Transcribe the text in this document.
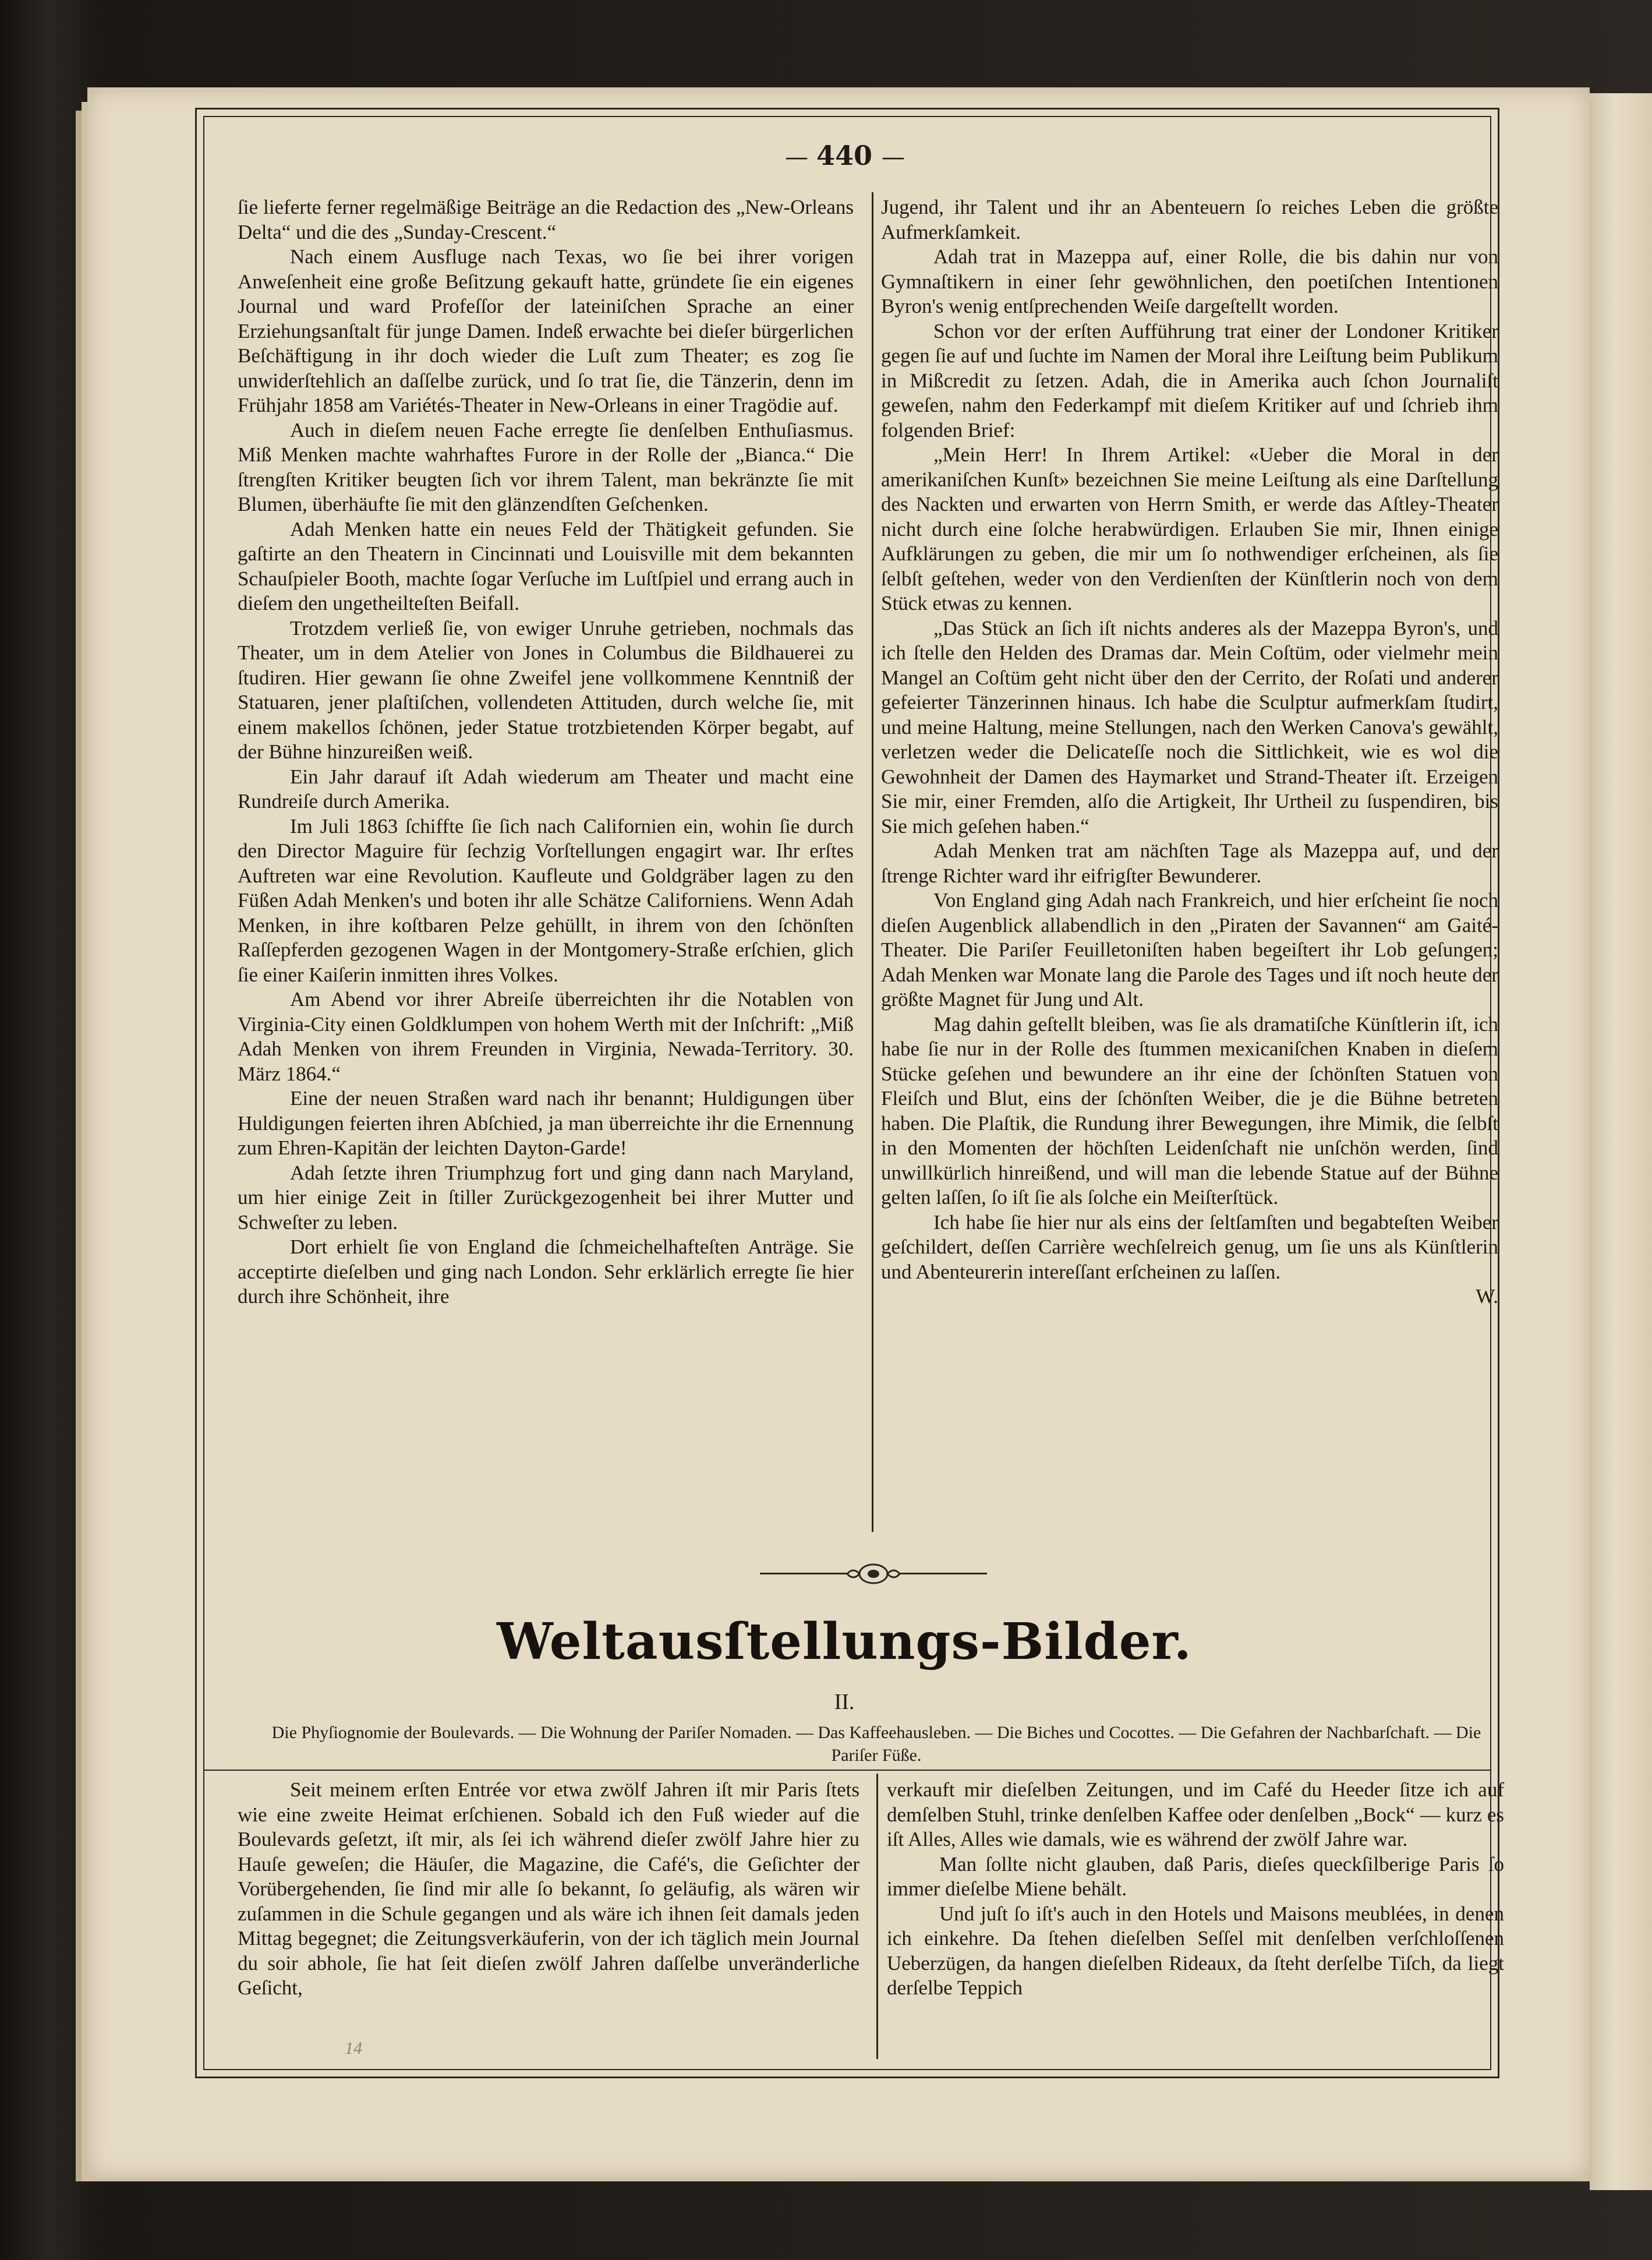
— 440 —

ſie lieferte ferner regelmäßige Beiträge an die Redaction des „New-Orleans Delta“ und die des „Sunday-Crescent.“

Nach einem Ausfluge nach Texas, wo ſie bei ihrer vorigen Anweſenheit eine große Beſitzung gekauft hatte, gründete ſie ein eigenes Journal und ward Profeſſor der lateiniſchen Sprache an einer Erziehungsanſtalt für junge Damen. Indeß erwachte bei dieſer bürgerlichen Beſchäftigung in ihr doch wieder die Luſt zum Theater; es zog ſie unwiderſtehlich an daſſelbe zurück, und ſo trat ſie, die Tänzerin, denn im Frühjahr 1858 am Variétés-Theater in New-Orleans in einer Tragödie auf.

Auch in dieſem neuen Fache erregte ſie denſelben Enthuſiasmus. Miß Menken machte wahrhaftes Furore in der Rolle der „Bianca.“ Die ſtrengſten Kritiker beugten ſich vor ihrem Talent, man bekränzte ſie mit Blumen, überhäufte ſie mit den glänzendſten Geſchenken.

Adah Menken hatte ein neues Feld der Thätigkeit gefunden. Sie gaſtirte an den Theatern in Cincinnati und Louisville mit dem bekannten Schauſpieler Booth, machte ſogar Verſuche im Luſtſpiel und errang auch in dieſem den ungetheilteſten Beifall.

Trotzdem verließ ſie, von ewiger Unruhe getrieben, nochmals das Theater, um in dem Atelier von Jones in Columbus die Bildhauerei zu ſtudiren. Hier gewann ſie ohne Zweifel jene vollkommene Kenntniß der Statuaren, jener plaſtiſchen, vollendeten Attituden, durch welche ſie, mit einem makellos ſchönen, jeder Statue trotzbietenden Körper begabt, auf der Bühne hinzureißen weiß.

Ein Jahr darauf iſt Adah wiederum am Theater und macht eine Rundreiſe durch Amerika.

Im Juli 1863 ſchiffte ſie ſich nach Californien ein, wohin ſie durch den Director Maguire für ſechzig Vorſtellungen engagirt war. Ihr erſtes Auftreten war eine Revolution. Kaufleute und Goldgräber lagen zu den Füßen Adah Menken's und boten ihr alle Schätze Californiens. Wenn Adah Menken, in ihre koſtbaren Pelze gehüllt, in ihrem von den ſchönſten Raſſepferden gezogenen Wagen in der Montgomery-Straße erſchien, glich ſie einer Kaiſerin inmitten ihres Volkes.

Am Abend vor ihrer Abreiſe überreichten ihr die Notablen von Virginia-City einen Goldklumpen von hohem Werth mit der Inſchrift: „Miß Adah Menken von ihrem Freunden in Virginia, Newada-Territory. 30. März 1864.“

Eine der neuen Straßen ward nach ihr benannt; Huldigungen über Huldigungen feierten ihren Abſchied, ja man überreichte ihr die Ernennung zum Ehren-Kapitän der leichten Dayton-Garde!

Adah ſetzte ihren Triumphzug fort und ging dann nach Maryland, um hier einige Zeit in ſtiller Zurückgezogenheit bei ihrer Mutter und Schweſter zu leben.

Dort erhielt ſie von England die ſchmeichelhafteſten Anträge. Sie acceptirte dieſelben und ging nach London. Sehr erklärlich erregte ſie hier durch ihre Schönheit, ihre

Jugend, ihr Talent und ihr an Abenteuern ſo reiches Leben die größte Aufmerkſamkeit.

Adah trat in Mazeppa auf, einer Rolle, die bis dahin nur von Gymnaſtikern in einer ſehr gewöhnlichen, den poetiſchen Intentionen Byron's wenig entſprechenden Weiſe dargeſtellt worden.

Schon vor der erſten Aufführung trat einer der Londoner Kritiker gegen ſie auf und ſuchte im Namen der Moral ihre Leiſtung beim Publikum in Mißcredit zu ſetzen. Adah, die in Amerika auch ſchon Journaliſt geweſen, nahm den Federkampf mit dieſem Kritiker auf und ſchrieb ihm folgenden Brief:

„Mein Herr! In Ihrem Artikel: «Ueber die Moral in der amerikaniſchen Kunſt» bezeichnen Sie meine Leiſtung als eine Darſtellung des Nackten und erwarten von Herrn Smith, er werde das Aſtley-Theater nicht durch eine ſolche herabwürdigen. Erlauben Sie mir, Ihnen einige Aufklärungen zu geben, die mir um ſo nothwendiger erſcheinen, als ſie ſelbſt geſtehen, weder von den Verdienſten der Künſtlerin noch von dem Stück etwas zu kennen.

„Das Stück an ſich iſt nichts anderes als der Mazeppa Byron's, und ich ſtelle den Helden des Dramas dar. Mein Coſtüm, oder vielmehr mein Mangel an Coſtüm geht nicht über den der Cerrito, der Roſati und anderer gefeierter Tänzerinnen hinaus. Ich habe die Sculptur aufmerkſam ſtudirt, und meine Haltung, meine Stellungen, nach den Werken Canova's gewählt, verletzen weder die Delicateſſe noch die Sittlichkeit, wie es wol die Gewohnheit der Damen des Haymarket und Strand-Theater iſt. Erzeigen Sie mir, einer Fremden, alſo die Artigkeit, Ihr Urtheil zu ſuspendiren, bis Sie mich geſehen haben.“

Adah Menken trat am nächſten Tage als Mazeppa auf, und der ſtrenge Richter ward ihr eifrigſter Bewunderer.

Von England ging Adah nach Frankreich, und hier erſcheint ſie noch dieſen Augenblick allabendlich in den „Piraten der Savannen“ am Gaité-Theater. Die Pariſer Feuilletoniſten haben begeiſtert ihr Lob geſungen; Adah Menken war Monate lang die Parole des Tages und iſt noch heute der größte Magnet für Jung und Alt.

Mag dahin geſtellt bleiben, was ſie als dramatiſche Künſtlerin iſt, ich habe ſie nur in der Rolle des ſtummen mexicaniſchen Knaben in dieſem Stücke geſehen und bewundere an ihr eine der ſchönſten Statuen von Fleiſch und Blut, eins der ſchönſten Weiber, die je die Bühne betreten haben. Die Plaſtik, die Rundung ihrer Bewegungen, ihre Mimik, die ſelbſt in den Momenten der höchſten Leidenſchaft nie unſchön werden, ſind unwillkürlich hinreißend, und will man die lebende Statue auf der Bühne gelten laſſen, ſo iſt ſie als ſolche ein Meiſterſtück.

Ich habe ſie hier nur als eins der ſeltſamſten und begabteſten Weiber geſchildert, deſſen Carrière wechſelreich genug, um ſie uns als Künſtlerin und Abenteurerin intereſſant erſcheinen zu laſſen.

W.

Weltausſtellungs-Bilder.
II.
Die Phyſiognomie der Boulevards. — Die Wohnung der Pariſer Nomaden. — Das Kaffeehausleben. — Die Biches und Cocottes. — Die Gefahren der Nachbarſchaft. — Die Pariſer Füße.

Seit meinem erſten Entrée vor etwa zwölf Jahren iſt mir Paris ſtets wie eine zweite Heimat erſchienen. Sobald ich den Fuß wieder auf die Boulevards geſetzt, iſt mir, als ſei ich während dieſer zwölf Jahre hier zu Hauſe geweſen; die Häuſer, die Magazine, die Café's, die Geſichter der Vorübergehenden, ſie ſind mir alle ſo bekannt, ſo geläufig, als wären wir zuſammen in die Schule gegangen und als wäre ich ihnen ſeit damals jeden Mittag begegnet; die Zeitungsverkäuferin, von der ich täglich mein Journal du soir abhole, ſie hat ſeit dieſen zwölf Jahren daſſelbe unveränderliche Geſicht,

verkauft mir dieſelben Zeitungen, und im Café du Heeder ſitze ich auf demſelben Stuhl, trinke denſelben Kaffee oder denſelben „Bock“ — kurz es iſt Alles, Alles wie damals, wie es während der zwölf Jahre war.

Man ſollte nicht glauben, daß Paris, dieſes queckſilberige Paris ſo immer dieſelbe Miene behält.

Und juſt ſo iſt's auch in den Hotels und Maisons meublées, in denen ich einkehre. Da ſtehen dieſelben Seſſel mit denſelben verſchloſſenen Ueberzügen, da hangen dieſelben Rideaux, da ſteht derſelbe Tiſch, da liegt derſelbe Teppich

14
